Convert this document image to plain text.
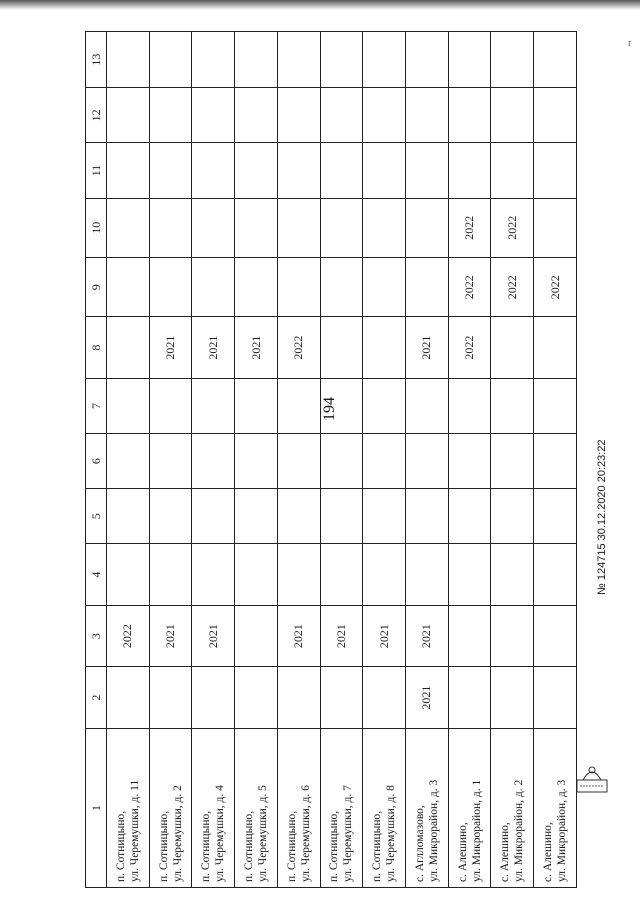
r
194
1	2	3	4	5	6	7	8	9	10	11	12	13

п. Сотницыно, ул. Черемушки, д. 11		2022										

п. Сотницыно, ул. Черемушки, д. 2		2021					2021					

п. Сотницыно, ул. Черемушки, д. 4		2021					2021					

п. Сотницыно, ул. Черемушки, д. 5							2021					

п. Сотницыно, ул. Черемушки, д. 6		2021					2022					

п. Сотницыно, ул. Черемушки, д. 7		2021										

п. Сотницыно, ул. Черемушки, д. 8		2021										

с. Аглломазово, ул. Микрорайон, д. 3	2021	2021					2021					

с. Алешино, ул. Микрорайон, д. 1							2022	2022	2022			

с. Алешино, ул. Микрорайон, д. 2								2022	2022			

с. Алешино, ул. Микрорайон, д. 3								2022				
№ 124715 30.12.2020 20:23:22
